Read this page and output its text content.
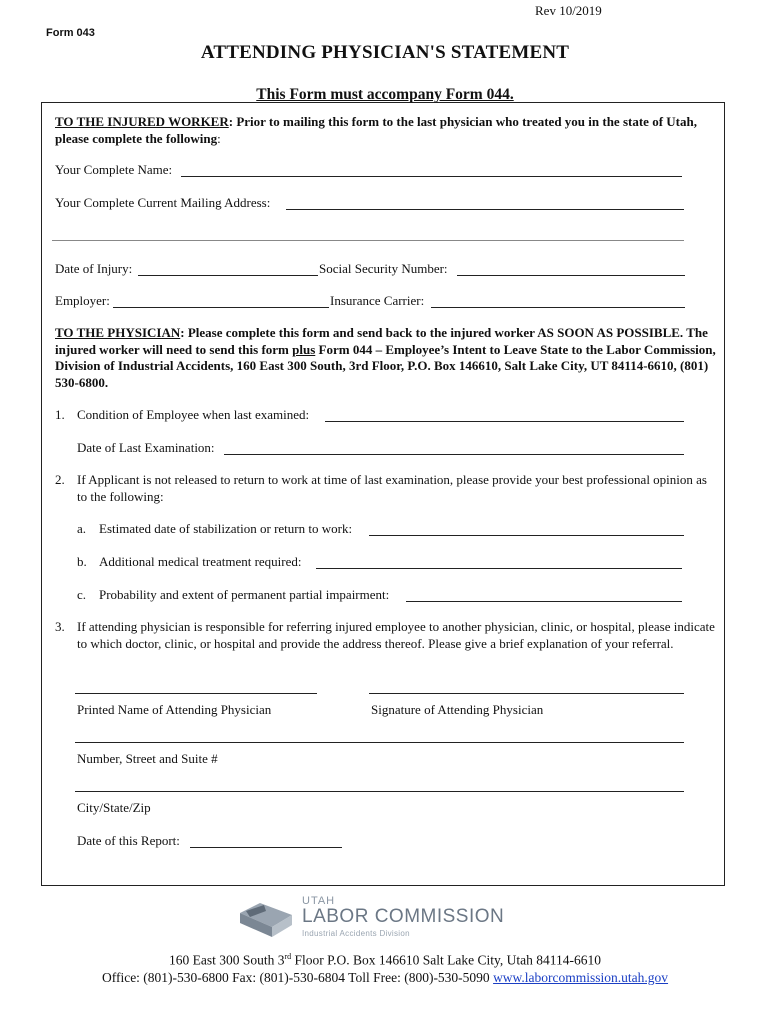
Rev 10/2019
Form 043
ATTENDING PHYSICIAN'S STATEMENT
This Form must accompany Form 044.
TO THE INJURED WORKER: Prior to mailing this form to the last physician who treated you in the state of Utah, please complete the following:
Your Complete Name:
Your Complete Current Mailing Address:
Date of Injury:	Social Security Number:
Employer:	Insurance Carrier:
TO THE PHYSICIAN: Please complete this form and send back to the injured worker AS SOON AS POSSIBLE. The injured worker will need to send this form plus Form 044 – Employee’s Intent to Leave State to the Labor Commission, Division of Industrial Accidents, 160 East 300 South, 3rd Floor, P.O. Box 146610, Salt Lake City, UT 84114-6610, (801) 530-6800.
1. Condition of Employee when last examined:
Date of Last Examination:
2. If Applicant is not released to return to work at time of last examination, please provide your best professional opinion as to the following:
a. Estimated date of stabilization or return to work:
b. Additional medical treatment required:
c. Probability and extent of permanent partial impairment:
3. If attending physician is responsible for referring injured employee to another physician, clinic, or hospital, please indicate to which doctor, clinic, or hospital and provide the address thereof. Please give a brief explanation of your referral.
Printed Name of Attending Physician	Signature of Attending Physician
Number, Street and Suite #
City/State/Zip
Date of this Report:
UTAH
LABOR COMMISSION
Industrial Accidents Division
160 East 300 South 3rd Floor P.O. Box 146610 Salt Lake City, Utah 84114-6610
Office: (801)-530-6800 Fax: (801)-530-6804 Toll Free: (800)-530-5090 www.laborcommission.utah.gov
